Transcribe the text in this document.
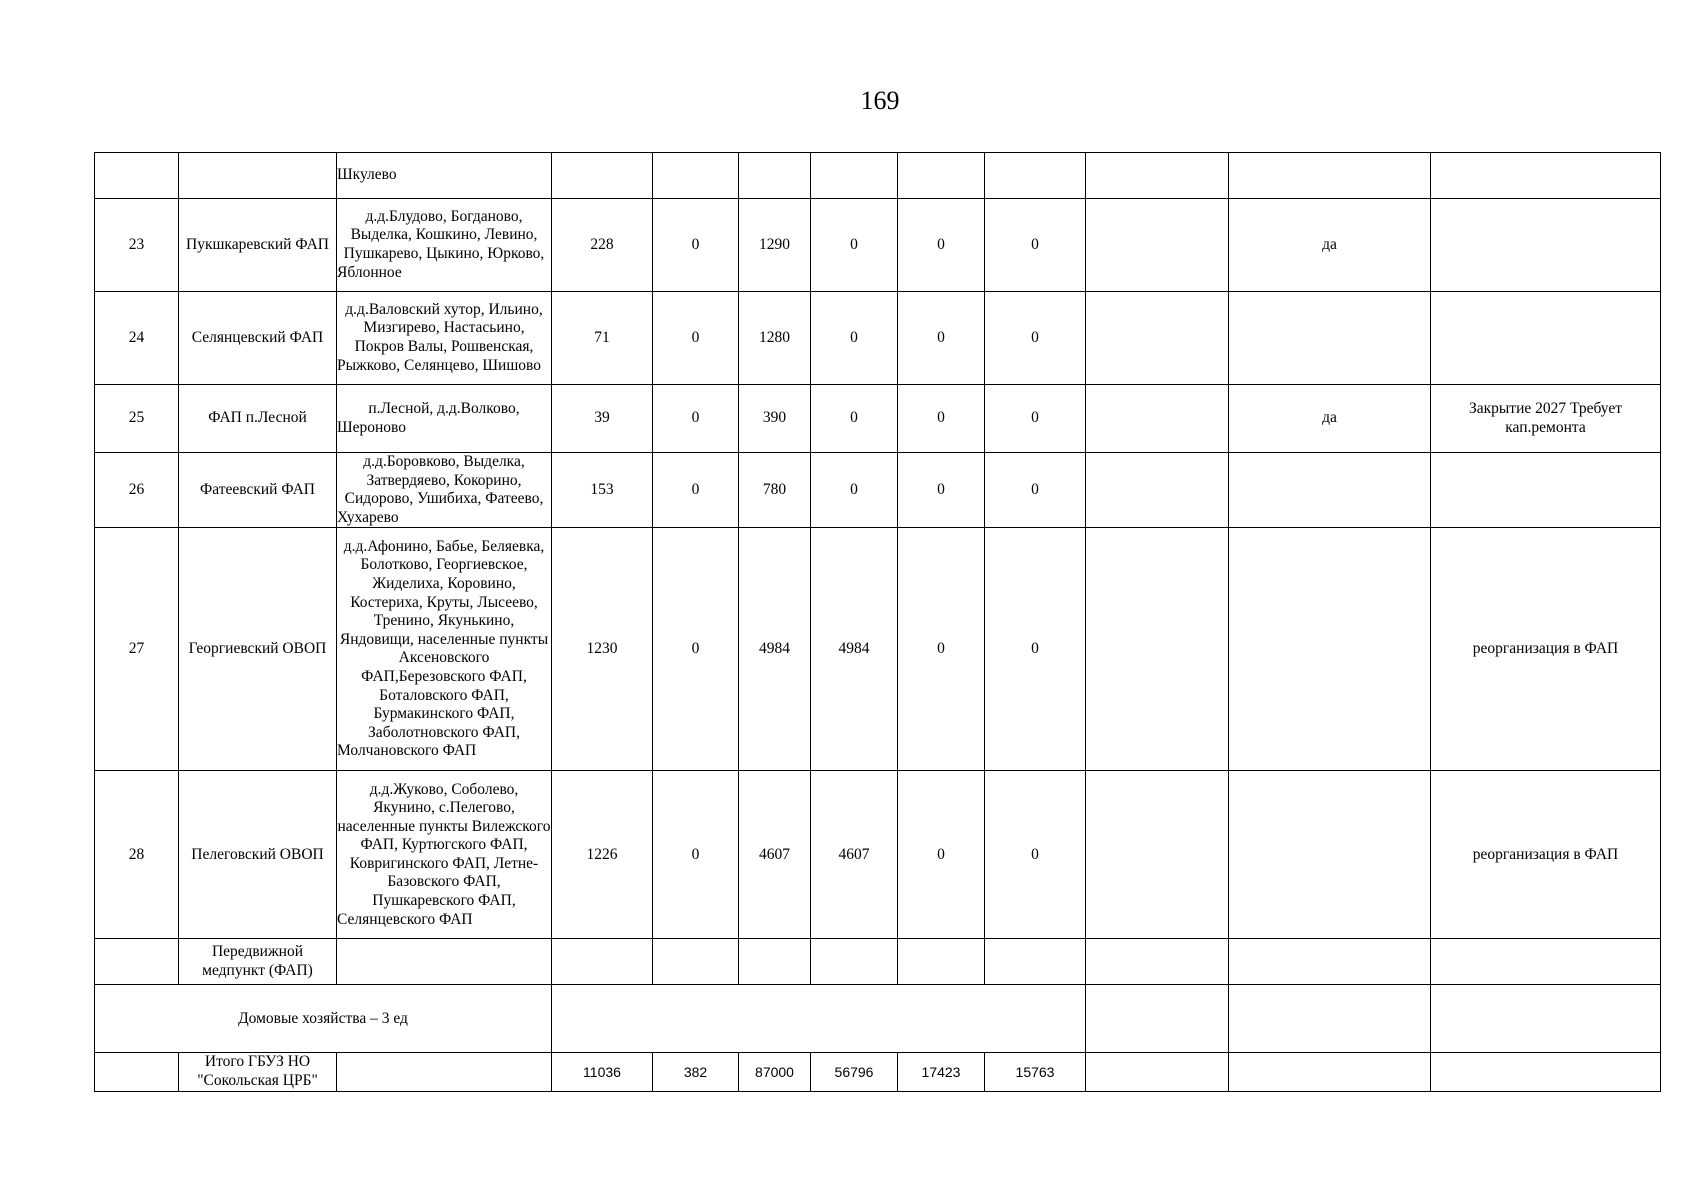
169
		Шкулево									
23	Пукшкаревский ФАП	д.д.Блудово, Богданово, Выделка, Кошкино, Левино, Пушкарево, Цыкино, Юрково, Яблонное	228	0	1290	0	0	0		да	
24	Селянцевский ФАП	д.д.Валовский хутор, Ильино, Мизгирево, Настасьино, Покров Валы, Рошвенская, Рыжково, Селянцево, Шишово	71	0	1280	0	0	0			
25	ФАП п.Лесной	п.Лесной, д.д.Волково, Шероново	39	0	390	0	0	0		да	Закрытие 2027 Требует кап.ремонта
26	Фатеевский ФАП	д.д.Боровково, Выделка, Затвердяево, Кокорино, Сидорово, Ушибиха, Фатеево, Хухарево	153	0	780	0	0	0			
27	Георгиевский ОВОП	д.д.Афонино, Бабье, Беляевка, Болотково, Георгиевское, Жиделиха, Коровино, Костериха, Круты, Лысеево, Тренино, Якунькино, Яндовищи, населенные пункты Аксеновского ФАП,Березовского ФАП, Боталовского ФАП, Бурмакинского ФАП, Заболотновского ФАП, Молчановского ФАП	1230	0	4984	4984	0	0			реорганизация в ФАП
28	Пелеговский ОВОП	д.д.Жуково, Соболево, Якунино, с.Пелегово, населенные пункты Вилежского ФАП, Куртюгского ФАП, Ковригинского ФАП, Летне-Базовского ФАП, Пушкаревского ФАП, Селянцевского ФАП	1226	0	4607	4607	0	0			реорганизация в ФАП
	Передвижной медпункт (ФАП)										
Домовые хозяйства – 3 ед											
	Итого ГБУЗ НО "Сокольская ЦРБ"		11036	382	87000	56796	17423	15763			
